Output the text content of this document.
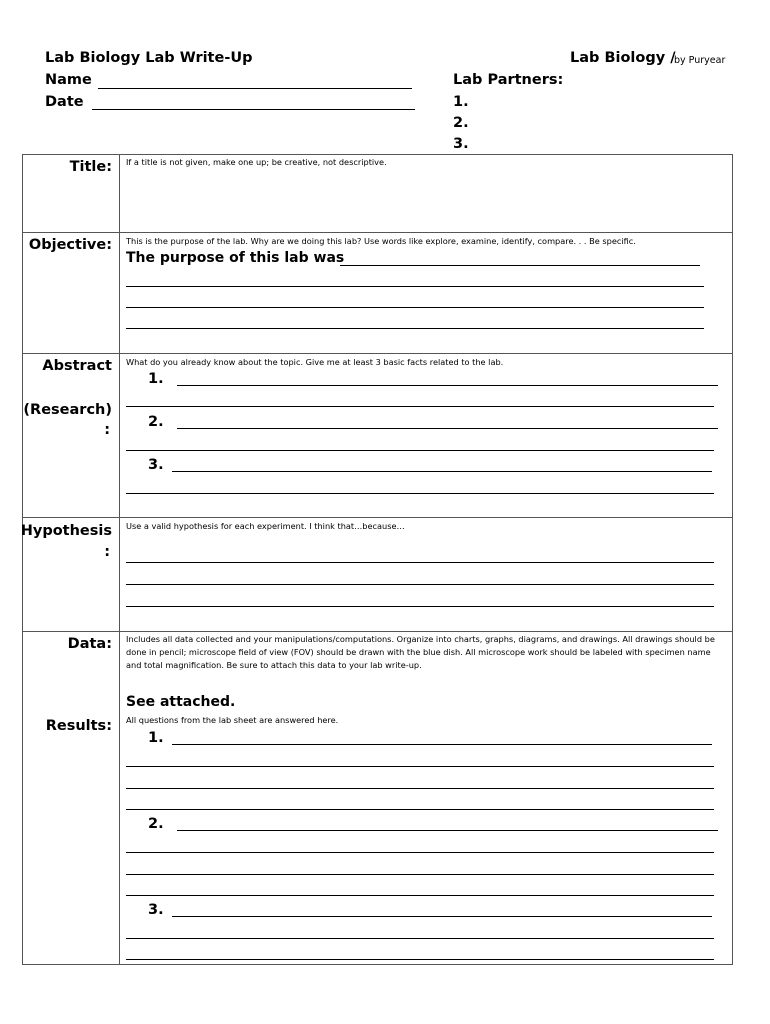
Lab Biology Lab Write-Up
Name
Date
Lab Biology /
by Puryear
Lab Partners:
1.
2.
3.
Title: If a title is not given, make one up; be creative, not descriptive.
Objective: This is the purpose of the lab. Why are we doing this lab? Use words like explore, examine, identify, compare. . . Be specific.
The purpose of this lab was
Abstract
(Research)
:
What do you already know about the topic. Give me at least 3 basic facts related to the lab.
1.
2.
3.
Hypothesis
:
Use a valid hypothesis for each experiment. I think that…because…
Data: Includes all data collected and your manipulations/computations. Organize into charts, graphs, diagrams, and drawings. All drawings should be done in pencil; microscope field of view (FOV) should be drawn with the blue dish. All microscope work should be labeled with specimen name and total magnification. Be sure to attach this data to your lab write-up.
See attached.
Results: All questions from the lab sheet are answered here.
1.
2.
3.
